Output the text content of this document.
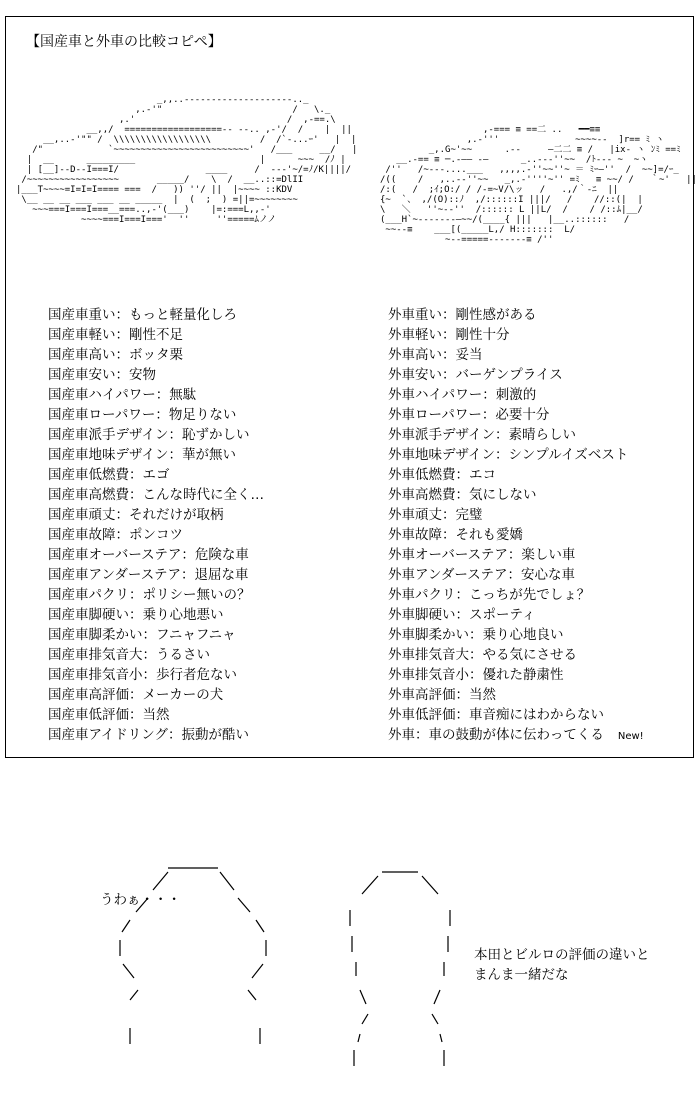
【国産車と外車の比較コピペ】
_,,..---‐‐‐‐‐‐‐‐‐‐‐‐‐‐‐‐‐.._
,.-'"                        /   \._
,.'                            /  ,-==.\
__,,/  ==================-- --.. ,-'/  /    |  ||
__,..-'"" /  \\\\\\\\\\\\\\\\\\         /  /`-...ｰ'   |  |
/"            `~~~~~~~~~~~~~~~~~~~~~~~~~'   /___     __/   |
|  __      _________                       |      ~~~  /ﾉ |
| [__]--D--I===I/                ____     /  --‐'~/=ﾉ/K||||/
/~~~~~~~~~~~~~~~~~       _____/    \  /  __..::=DlII
|___T~~~~=I=I=I==== ===  /   )) ''/ ||  |~~~~ ::KDV
\__ __ __ ___ ___ __ _____  |  (  ;  ) =||=~~~~~~~~
~~~===I===I===__===..,-'(___)    |=:===L,,-'
~~~~===I===I==='  ''     ''=====ﾑノノ
,-=== ≡ ==二 ..   ━━≡≡
,.-'''              ~~~~‐‐  ]r== ﾐ ヽ
_,.G~'~~      .--     ―二二 ≡ /   |ix‐ ヽ ﾝﾐ ==ﾐ
__.-== ≡ ─.-―― ‐―      _..---''~~  /ﾄ‐-- ~  ~ヽ
/''   /~‐‐‐....___   ,,,,.‐''~~''~ ＝ ﾐｰ―''  /  ~~]=/ｰ_
/((    /   ,..-‐''~~   _,.-''''~'' =ﾐ   ≡ ~~/ /   ｀~'   ||
/:(   /  ;ｲ;O:/ / /‐=~V/\ッ   /   .,/｀-ﾆ  ||
{~  `、 ,/(O)::ﾉ  ,/::::::I |||/   /    //::(|  |
\   ＼   ''~--''  /:::::: L ||L/  /    / /::ﾑ|__/
(___H`~‐‐‐-‐-‐―~~/(____{ |||   |__..::::::   /
~~‐-≡    ___[(_____L,/ H:::::::  L/
~‐‐=====‐‐‐‐‐‐‐≡ /''
国産車重い：もっと軽量化しろ
国産車軽い：剛性不足
国産車高い：ボッタ栗
国産車安い：安物
国産車ハイパワー：無駄
国産車ローパワー：物足りない
国産車派手デザイン：恥ずかしい
国産車地味デザイン：華が無い
国産車低燃費：エゴ
国産車高燃費：こんな時代に全く…
国産車頑丈：それだけが取柄
国産車故障：ポンコツ
国産車オーバーステア：危険な車
国産車アンダーステア：退屈な車
国産車パクリ：ポリシー無いの？
国産車脚硬い：乗り心地悪い
国産車脚柔かい：フニャフニャ
国産車排気音大：うるさい
国産車排気音小：歩行者危ない
国産車高評価：メーカーの犬
国産車低評価：当然
国産車アイドリング：振動が酷い
外車重い：剛性感がある
外車軽い：剛性十分
外車高い：妥当
外車安い：バーゲンプライス
外車ハイパワー：刺激的
外車ローパワー：必要十分
外車派手デザイン：素晴らしい
外車地味デザイン：シンプルイズベスト
外車低燃費：エコ
外車高燃費：気にしない
外車頑丈：完璧
外車故障：それも愛嬌
外車オーバーステア：楽しい車
外車アンダーステア：安心な車
外車パクリ：こっちが先でしょ？
外車脚硬い：スポーティ
外車脚柔かい：乗り心地良い
外車排気音大：やる気にさせる
外車排気音小：優れた静粛性
外車高評価：当然
外車低評価：車音痴にはわからない
外車：車の鼓動が体に伝わってくる New!
うわぁ・・・
本田とビルロの評価の違いと
まんま一緒だな
